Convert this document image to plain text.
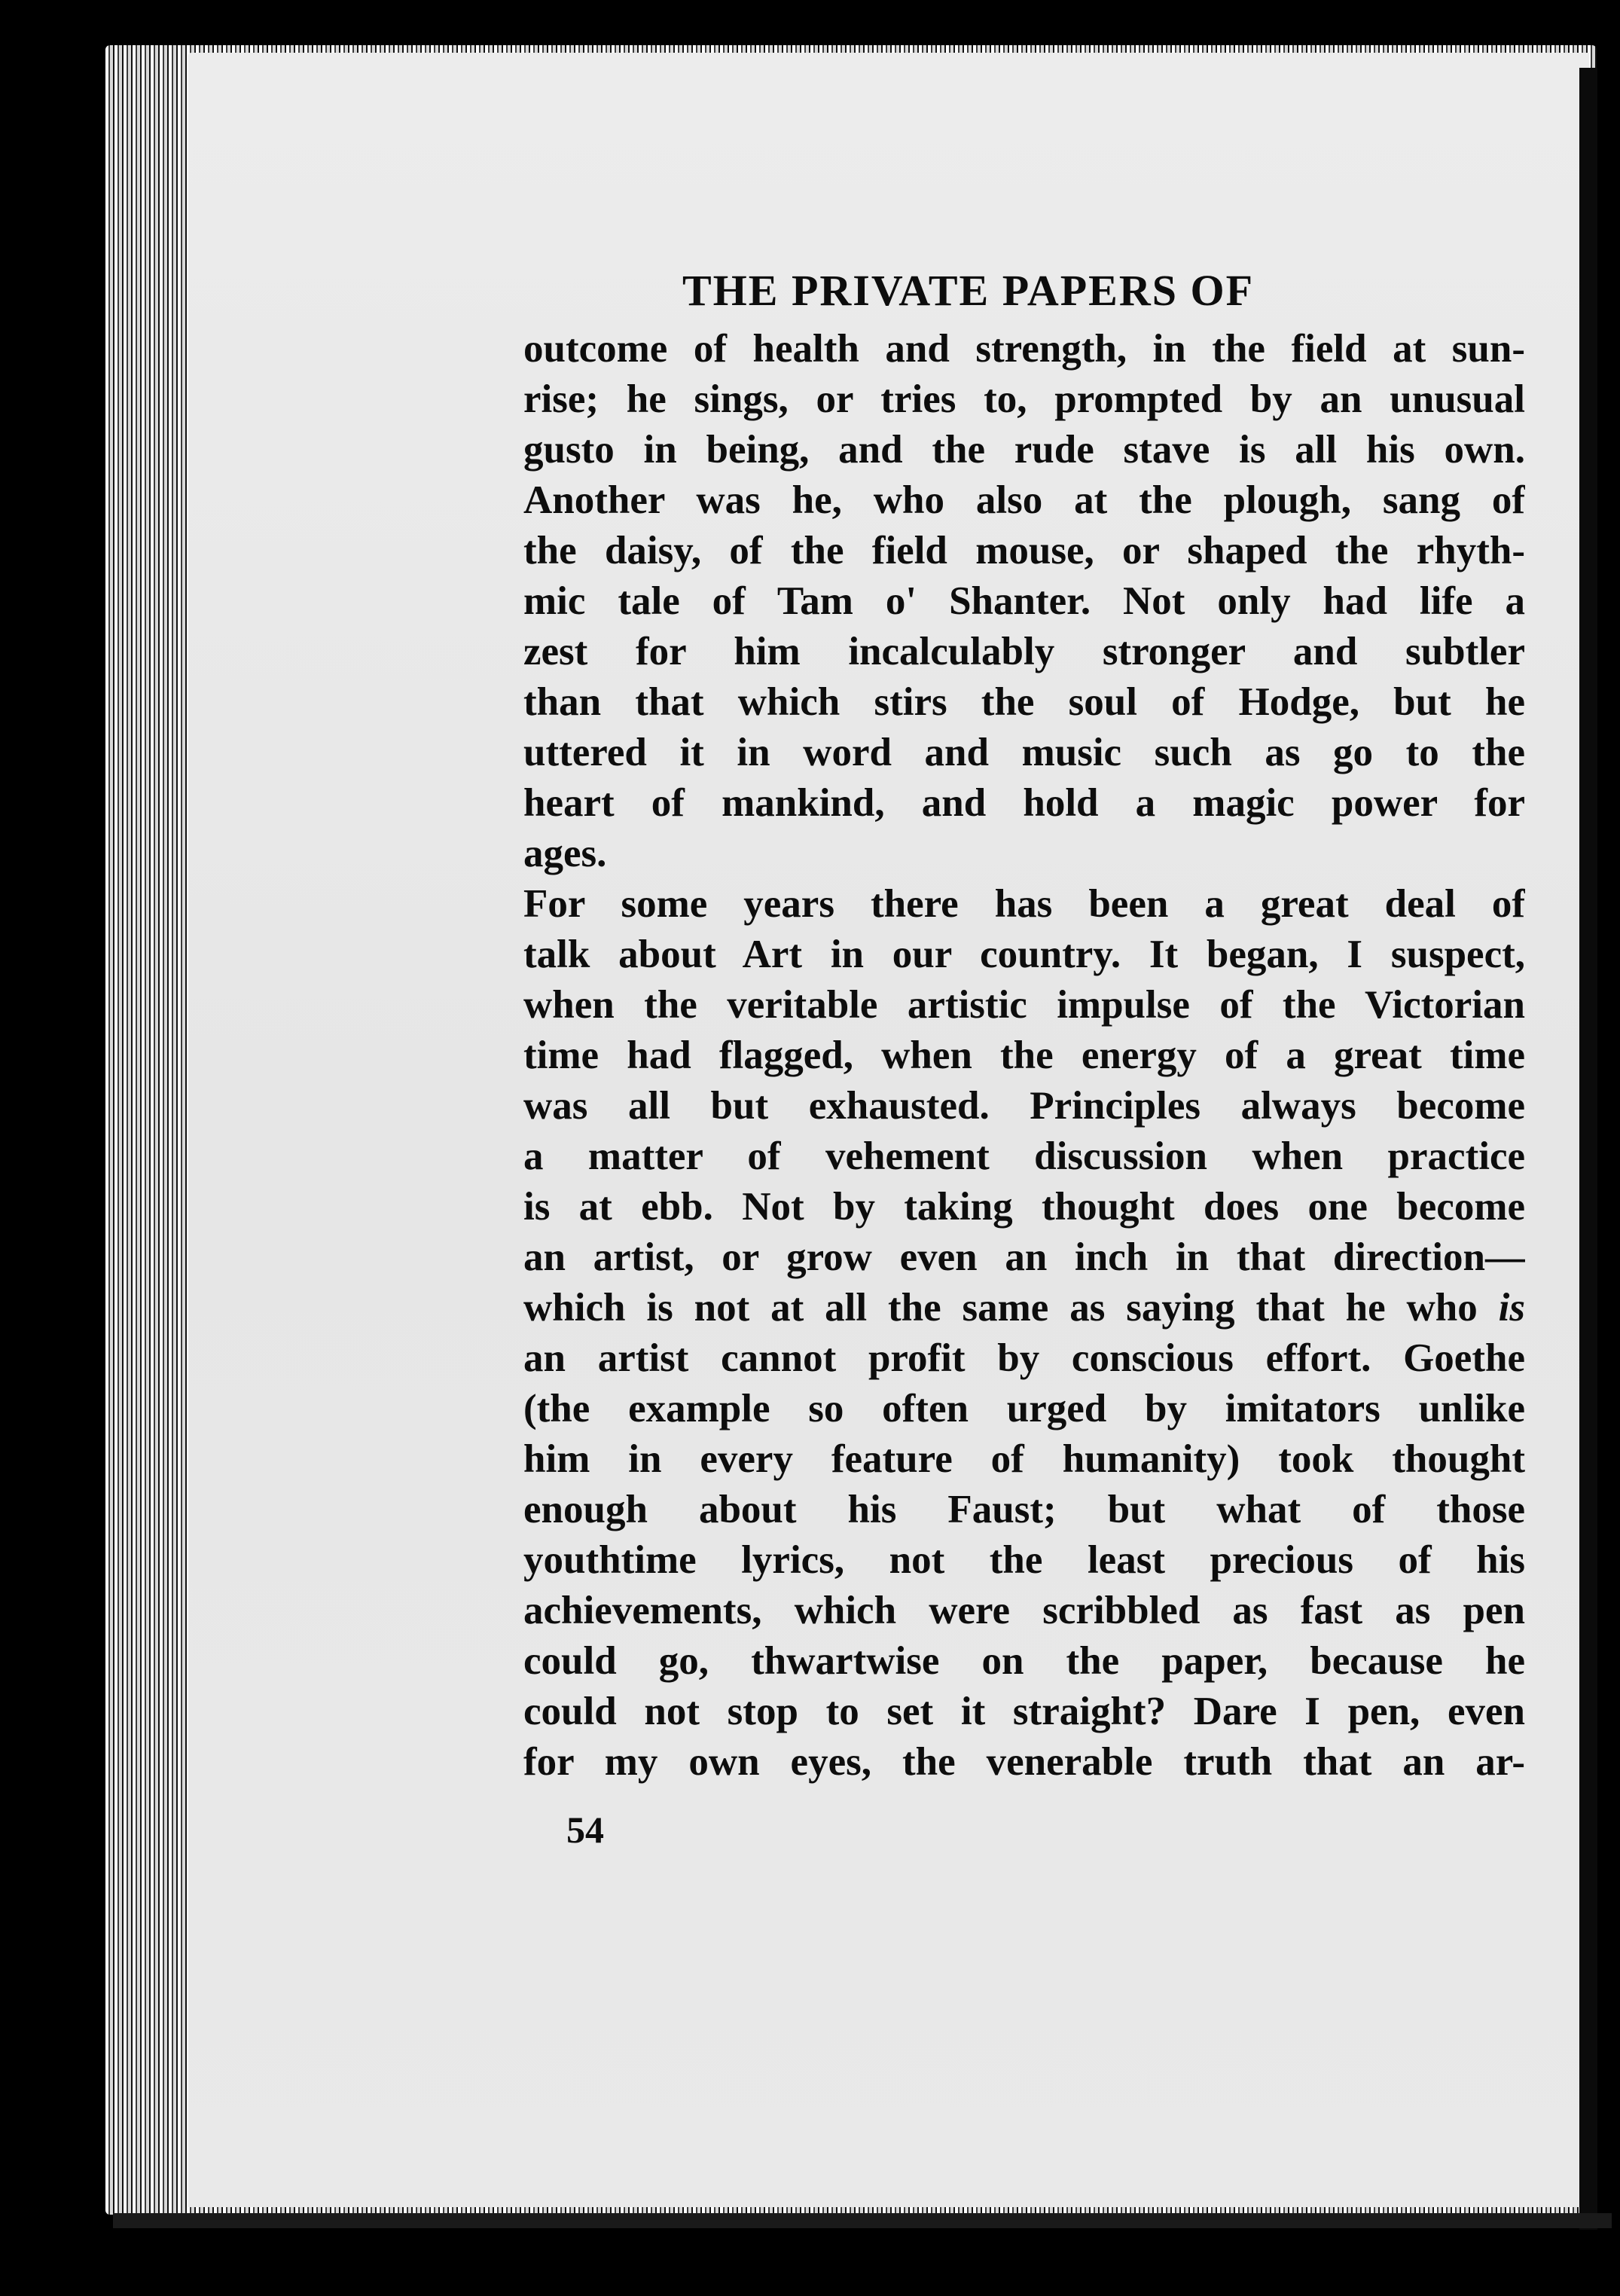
THE PRIVATE PAPERS OF
outcome of health and strength, in the field at sun-
rise; he sings, or tries to, prompted by an unusual
gusto in being, and the rude stave is all his own.
Another was he, who also at the plough, sang of
the daisy, of the field mouse, or shaped the rhyth-
mic tale of Tam o' Shanter. Not only had life a
zest for him incalculably stronger and subtler
than that which stirs the soul of Hodge, but he
uttered it in word and music such as go to the
heart of mankind, and hold a magic power for
ages.
For some years there has been a great deal of
talk about Art in our country. It began, I suspect,
when the veritable artistic impulse of the Victorian
time had flagged, when the energy of a great time
was all but exhausted. Principles always become
a matter of vehement discussion when practice
is at ebb. Not by taking thought does one become
an artist, or grow even an inch in that direction—
which is not at all the same as saying that he who is
an artist cannot profit by conscious effort. Goethe
(the example so often urged by imitators unlike
him in every feature of humanity) took thought
enough about his Faust; but what of those
youthtime lyrics, not the least precious of his
achievements, which were scribbled as fast as pen
could go, thwartwise on the paper, because he
could not stop to set it straight? Dare I pen, even
for my own eyes, the venerable truth that an ar-
54
